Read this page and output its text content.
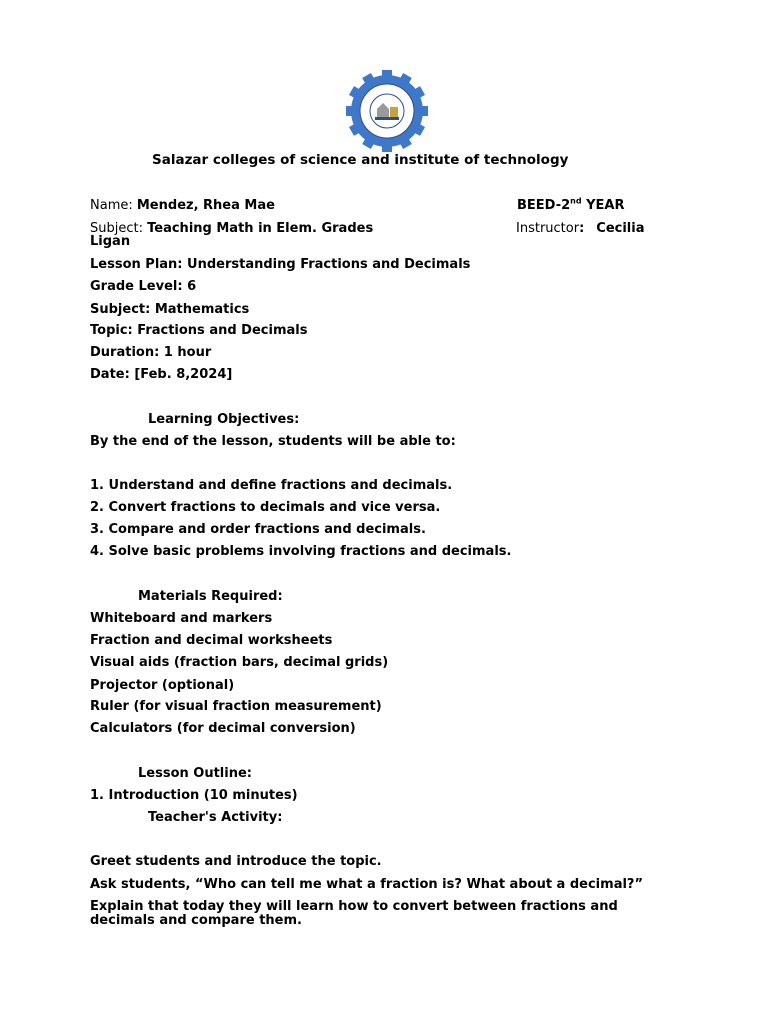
Salazar colleges of science and institute of technology
Name: Mendez, Rhea Mae	BEED-2nd YEAR
Subject: Teaching Math in Elem. Grades	Instructor: Cecilia
Ligan
Lesson Plan: Understanding Fractions and Decimals
Grade Level: 6
Subject: Mathematics
Topic: Fractions and Decimals
Duration: 1 hour
Date: [Feb. 8,2024]
Learning Objectives:
By the end of the lesson, students will be able to:
1. Understand and define fractions and decimals.
2. Convert fractions to decimals and vice versa.
3. Compare and order fractions and decimals.
4. Solve basic problems involving fractions and decimals.
Materials Required:
Whiteboard and markers
Fraction and decimal worksheets
Visual aids (fraction bars, decimal grids)
Projector (optional)
Ruler (for visual fraction measurement)
Calculators (for decimal conversion)
Lesson Outline:
1. Introduction (10 minutes)
Teacher's Activity:
Greet students and introduce the topic.
Ask students, “Who can tell me what a fraction is? What about a decimal?”
Explain that today they will learn how to convert between fractions and
decimals and compare them.
